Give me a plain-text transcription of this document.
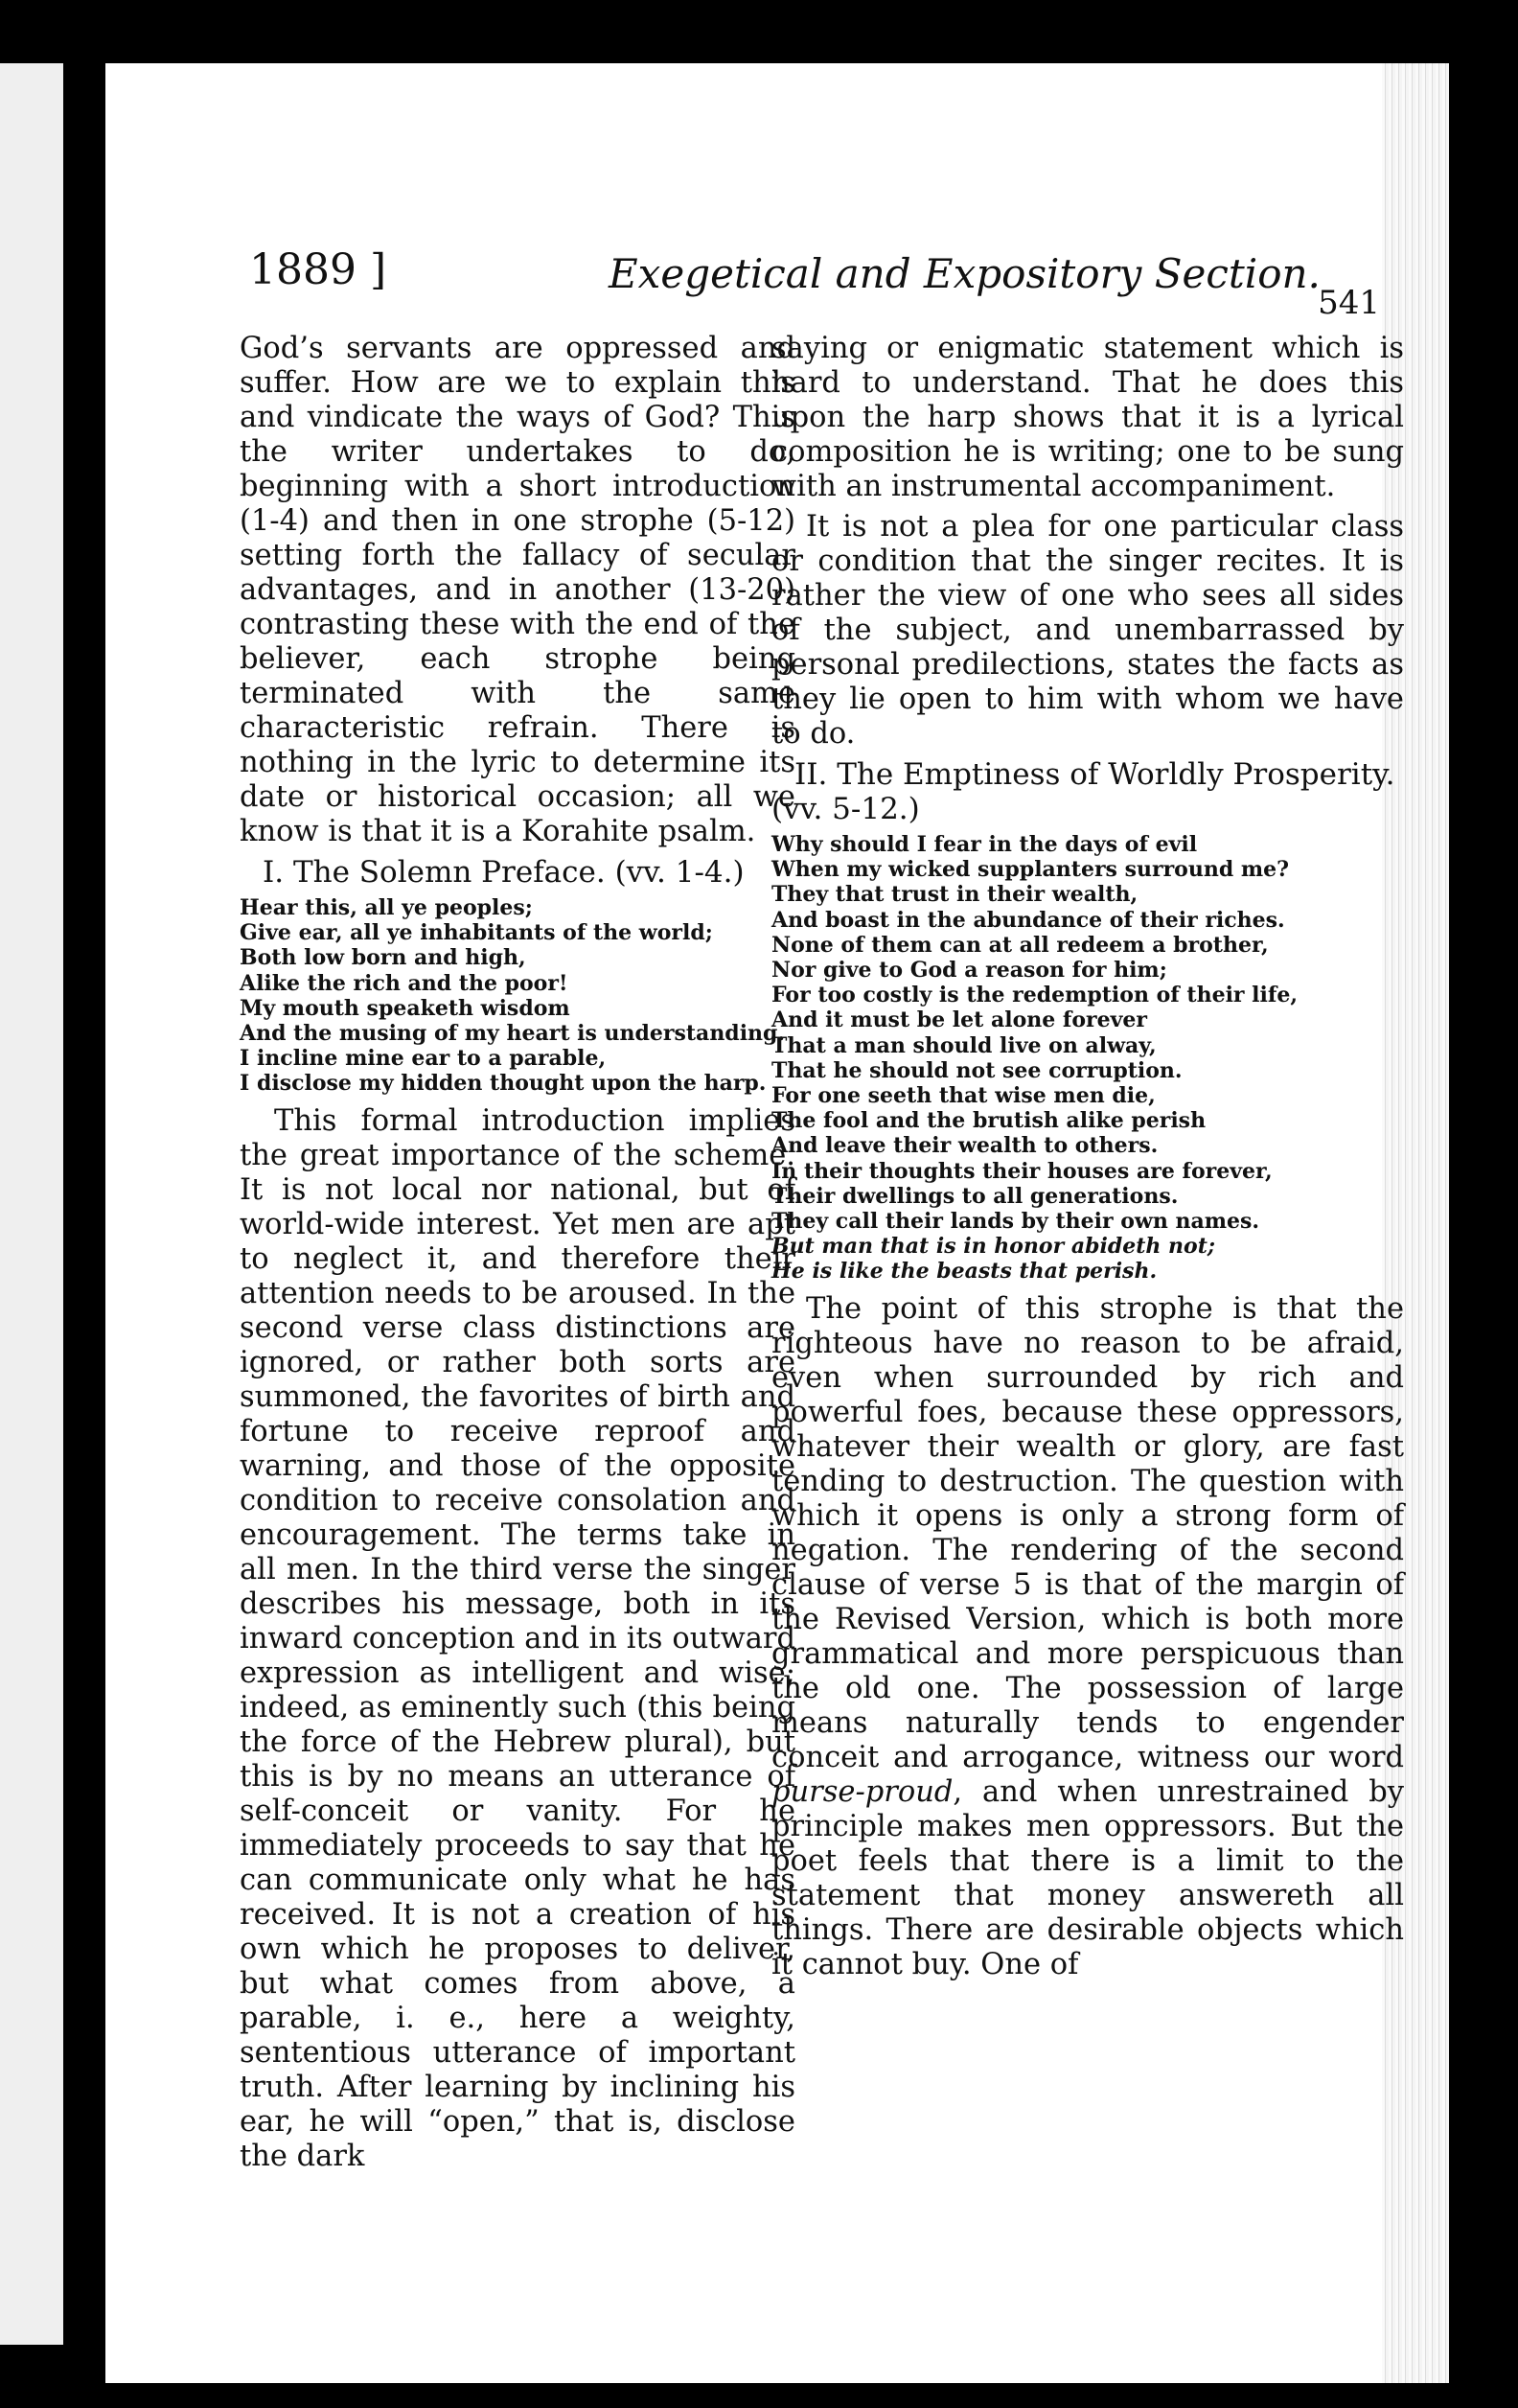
1889 ]	Exegetical and Expository Section.
541

God’s servants are oppressed and suffer. How are we to explain this and vindicate the ways of God? This the writer undertakes to do, beginning with a short introduction (1-4) and then in one strophe (5-12) setting forth the fallacy of secular advantages, and in another (13-20) contrasting these with the end of the believer, each strophe being terminated with the same characteristic refrain. There is nothing in the lyric to determine its date or historical occasion; all we know is that it is a Korahite psalm.

I. The Solemn Preface. (vv. 1-4.)
Hear this, all ye peoples;
Give ear, all ye inhabitants of the world;
Both low born and high,
Alike the rich and the poor!
My mouth speaketh wisdom
And the musing of my heart is understanding.
I incline mine ear to a parable,
I disclose my hidden thought upon the harp.

This formal introduction implies the great importance of the scheme. It is not local nor national, but of world-wide interest. Yet men are apt to neglect it, and therefore their attention needs to be aroused. In the second verse class distinctions are ignored, or rather both sorts are summoned, the favorites of birth and fortune to receive reproof and warning, and those of the opposite condition to receive consolation and encouragement. The terms take in all men. In the third verse the singer describes his message, both in its inward conception and in its outward expression as intelligent and wise; indeed, as eminently such (this being the force of the Hebrew plural), but this is by no means an utterance of self-conceit or vanity. For he immediately proceeds to say that he can communicate only what he has received. It is not a creation of his own which he proposes to deliver, but what comes from above, a parable, i. e., here a weighty, sententious utterance of important truth. After learning by inclining his ear, he will “open,” that is, disclose the dark

saying or enigmatic statement which is hard to understand. That he does this upon the harp shows that it is a lyrical composition he is writing; one to be sung with an instrumental accompaniment.

It is not a plea for one particular class or condition that the singer recites. It is rather the view of one who sees all sides of the subject, and unembarrassed by personal predilections, states the facts as they lie open to him with whom we have to do.

II. The Emptiness of Worldly Prosperity. (vv. 5-12.)
Why should I fear in the days of evil
When my wicked supplanters surround me?
They that trust in their wealth,
And boast in the abundance of their riches.
None of them can at all redeem a brother,
Nor give to God a reason for him;
For too costly is the redemption of their life,
And it must be let alone forever
That a man should live on alway,
That he should not see corruption.
For one seeth that wise men die,
The fool and the brutish alike perish
And leave their wealth to others.
In their thoughts their houses are forever,
Their dwellings to all generations.
They call their lands by their own names.
But man that is in honor abideth not;
He is like the beasts that perish.

The point of this strophe is that the righteous have no reason to be afraid, even when surrounded by rich and powerful foes, because these oppressors, whatever their wealth or glory, are fast tending to destruction. The question with which it opens is only a strong form of negation. The rendering of the second clause of verse 5 is that of the margin of the Revised Version, which is both more grammatical and more perspicuous than the old one. The possession of large means naturally tends to engender conceit and arrogance, witness our word purse-proud, and when unrestrained by principle makes men oppressors. But the poet feels that there is a limit to the statement that money answereth all things. There are desirable objects which it cannot buy. One of
